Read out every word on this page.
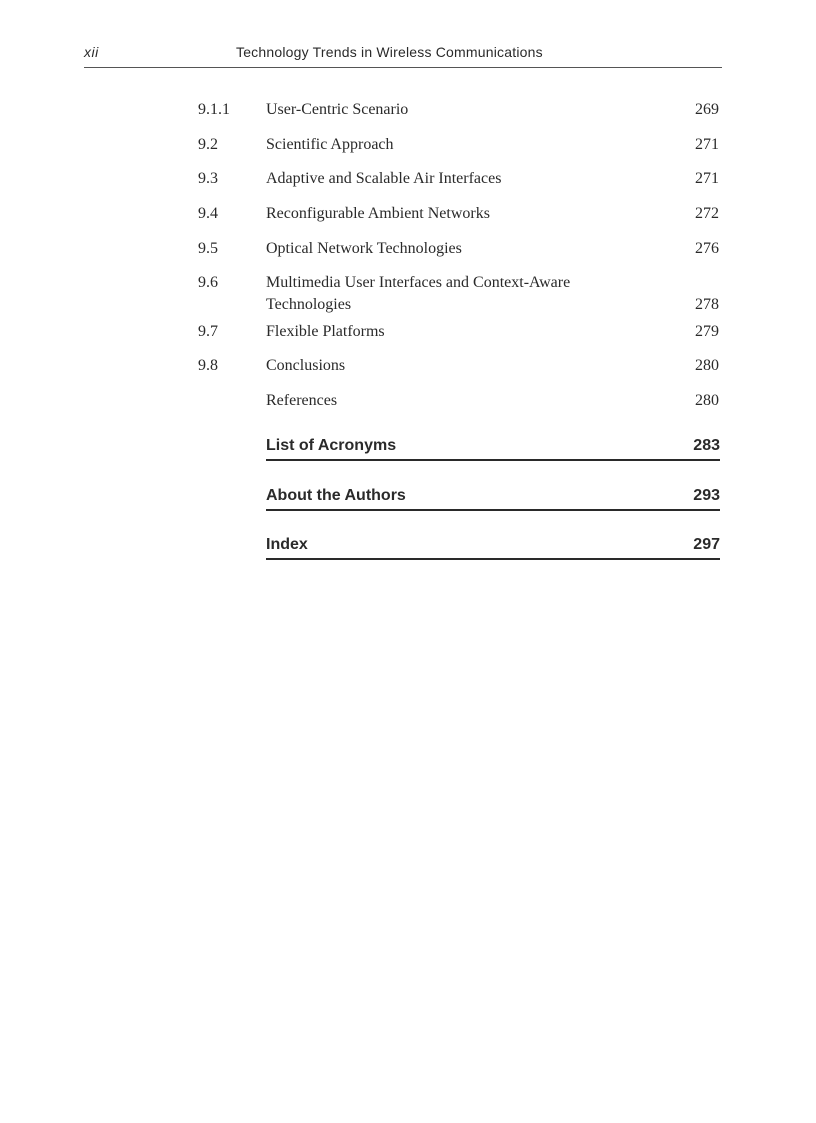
xii	Technology Trends in Wireless Communications
9.1.1 User-Centric Scenario	269
9.2	Scientific Approach	271
9.3	Adaptive and Scalable Air Interfaces	271
9.4	Reconfigurable Ambient Networks	272
9.5	Optical Network Technologies	276
9.6	Multimedia User Interfaces and Context-Aware
Technologies	278
9.7	Flexible Platforms	279
9.8	Conclusions	280
References	280
List of Acronyms	283
About the Authors	293
Index	297
